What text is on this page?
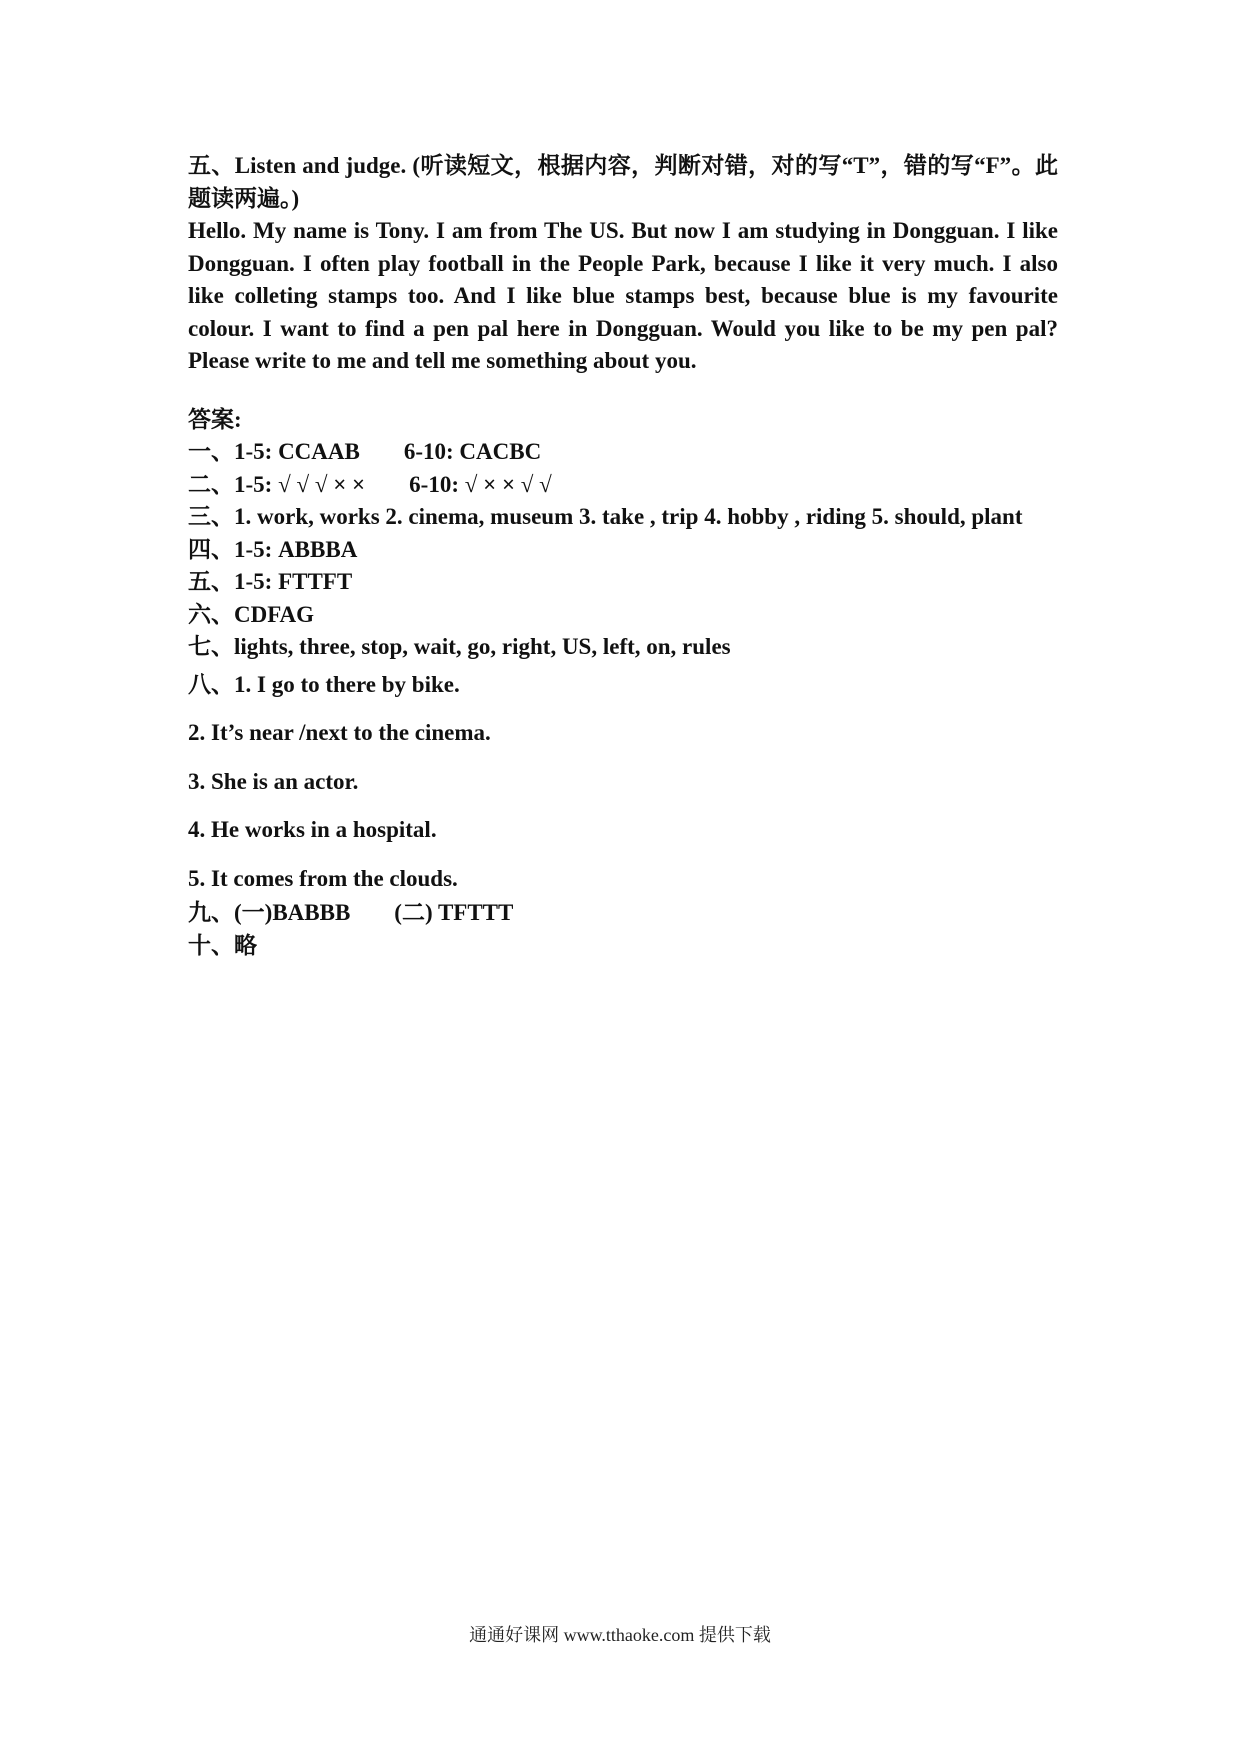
五、Listen and judge. (听读短文，根据内容，判断对错，对的写“T”，错的写“F”。此题读两遍。)
Hello. My name is Tony. I am from The US. But now I am studying in Dongguan. I like Dongguan. I often play football in the People Park, because I like it very much. I also like colleting stamps too. And I like blue stamps best, because blue is my favourite colour. I want to find a pen pal here in Dongguan. Would you like to be my pen pal? Please write to me and tell me something about you.
答案:
一、1-5: CCAAB 6-10: CACBC
二、1-5: √ √ √ × × 6-10: √ × × √ √
三、1. work, works 2. cinema, museum 3. take , trip 4. hobby , riding 5. should, plant
四、1-5: ABBBA
五、1-5: FTTFT
六、CDFAG
七、lights, three, stop, wait, go, right, US, left, on, rules
八、1. I go to there by bike.
2. It’s near /next to the cinema.
3. She is an actor.
4. He works in a hospital.
5. It comes from the clouds.
九、(一)BABBB (二) TFTTT
十、略
通通好课网 www.tthaoke.com 提供下载
